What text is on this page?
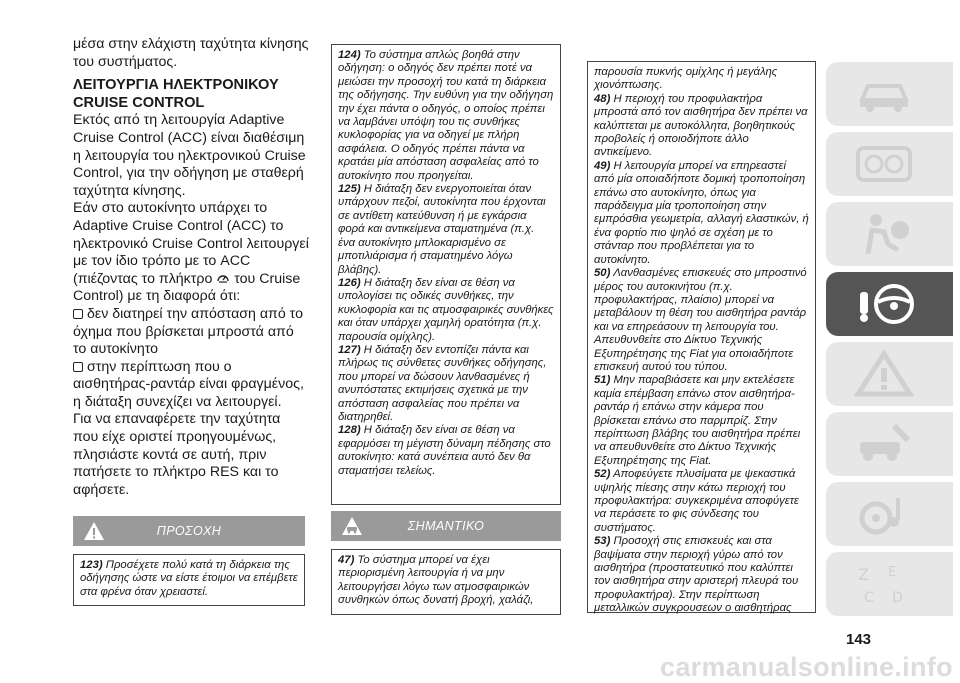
μέσα στην ελάχιστη ταχύτητα κίνησης του συστήματος.

ΛΕΙΤΟΥΡΓΙΑ ΗΛΕΚΤΡΟΝΙΚΟΥ
CRUISE CONTROL

Εκτός από τη λειτουργία Adaptive Cruise Control (ACC) είναι διαθέσιμη η λειτουργία του ηλεκτρονικού Cruise Control, για την οδήγηση με σταθερή ταχύτητα κίνησης.

Εάν στο αυτοκίνητο υπάρχει το Adaptive Cruise Control (ACC) το ηλεκτρονικό Cruise Control λειτουργεί με τον ίδιο τρόπο με το ACC (πιέζοντας το πλήκτρο του Cruise Control) με τη διαφορά ότι:

δεν διατηρεί την απόσταση από το όχημα που βρίσκεται μπροστά από το αυτοκίνητο

στην περίπτωση που ο αισθητήρας-ραντάρ είναι φραγμένος, η διάταξη συνεχίζει να λειτουργεί.

Για να επαναφέρετε την ταχύτητα που είχε οριστεί προηγουμένως, πλησιάστε κοντά σε αυτή, πριν πατήσετε το πλήκτρο RES και το αφήσετε.

ΠΡΟΣΟΧΗ

123) Προσέχετε πολύ κατά τη διάρκεια της οδήγησης ώστε να είστε έτοιμοι να επέμβετε στα φρένα όταν χρειαστεί.

124) Το σύστημα απλώς βοηθά στην οδήγηση: ο οδηγός δεν πρέπει ποτέ να μειώσει την προσοχή του κατά τη διάρκεια της οδήγησης. Την ευθύνη για την οδήγηση την έχει πάντα ο οδηγός, ο οποίος πρέπει να λαμβάνει υπόψη του τις συνθήκες κυκλοφορίας για να οδηγεί με πλήρη ασφάλεια. Ο οδηγός πρέπει πάντα να κρατάει μία απόσταση ασφαλείας από το αυτοκίνητο που προηγείται.

125) Η διάταξη δεν ενεργοποιείται όταν υπάρχουν πεζοί, αυτοκίνητα που έρχονται σε αντίθετη κατεύθυνση ή με εγκάρσια φορά και αντικείμενα σταματημένα (π.χ. ένα αυτοκίνητο μπλοκαρισμένο σε μποτιλιάρισμα ή σταματημένο λόγω βλάβης).

126) Η διάταξη δεν είναι σε θέση να υπολογίσει τις οδικές συνθήκες, την κυκλοφορία και τις ατμοσφαιρικές συνθήκες και όταν υπάρχει χαμηλή ορατότητα (π.χ. παρουσία ομίχλης).

127) Η διάταξη δεν εντοπίζει πάντα και πλήρως τις σύνθετες συνθήκες οδήγησης, που μπορεί να δώσουν λανθασμένες ή ανυπόστατες εκτιμήσεις σχετικά με την απόσταση ασφαλείας που πρέπει να διατηρηθεί.

128) Η διάταξη δεν είναι σε θέση να εφαρμόσει τη μέγιστη δύναμη πέδησης στο αυτοκίνητο: κατά συνέπεια αυτό δεν θα σταματήσει τελείως.

ΣΗΜΑΝΤΙΚΟ

47) Το σύστημα μπορεί να έχει περιορισμένη λειτουργία ή να μην λειτουργήσει λόγω των ατμοσφαιρικών συνθηκών όπως δυνατή βροχή, χαλάζι,

παρουσία πυκνής ομίχλης ή μεγάλης χιονόπτωσης.

48) Η περιοχή του προφυλακτήρα μπροστά από τον αισθητήρα δεν πρέπει να καλύπτεται με αυτοκόλλητα, βοηθητικούς προβολείς ή οποιοδήποτε άλλο αντικείμενο.

49) Η λειτουργία μπορεί να επηρεαστεί από μία οποιαδήποτε δομική τροποποίηση επάνω στο αυτοκίνητο, όπως για παράδειγμα μία τροποποίηση στην εμπρόσθια γεωμετρία, αλλαγή ελαστικών, ή ένα φορτίο πιο ψηλό σε σχέση με το στάνταρ που προβλέπεται για το αυτοκίνητο.

50) Λανθασμένες επισκευές στο μπροστινό μέρος του αυτοκινήτου (π.χ. προφυλακτήρας, πλαίσιο) μπορεί να μεταβάλουν τη θέση του αισθητήρα ραντάρ και να επηρεάσουν τη λειτουργία του. Απευθυνθείτε στο Δίκτυο Τεχνικής Εξυπηρέτησης της Fiat για οποιαδήποτε επισκευή αυτού του τύπου.

51) Μην παραβιάσετε και μην εκτελέσετε καμία επέμβαση επάνω στον αισθητήρα-ραντάρ ή επάνω στην κάμερα που βρίσκεται επάνω στο παρμπρίζ. Στην περίπτωση βλάβης του αισθητήρα πρέπει να απευθυνθείτε στο Δίκτυο Τεχνικής Εξυπηρέτησης της Fiat.

52) Αποφεύγετε πλυσίματα με ψεκαστικά υψηλής πίεσης στην κάτω περιοχή του προφυλακτήρα: συγκεκριμένα αποφύγετε να περάσετε το φις σύνδεσης του συστήματος.

53) Προσοχή στις επισκευές και στα βαψίματα στην περιοχή γύρω από τον αισθητήρα (προστατευτικό που καλύπτει τον αισθητήρα στην αριστερή πλευρά του προφυλακτήρα). Στην περίπτωση μεταλλικών συγκρουσεων ο αισθητήρας

Z E
C D
143
carmanualsonline.info
